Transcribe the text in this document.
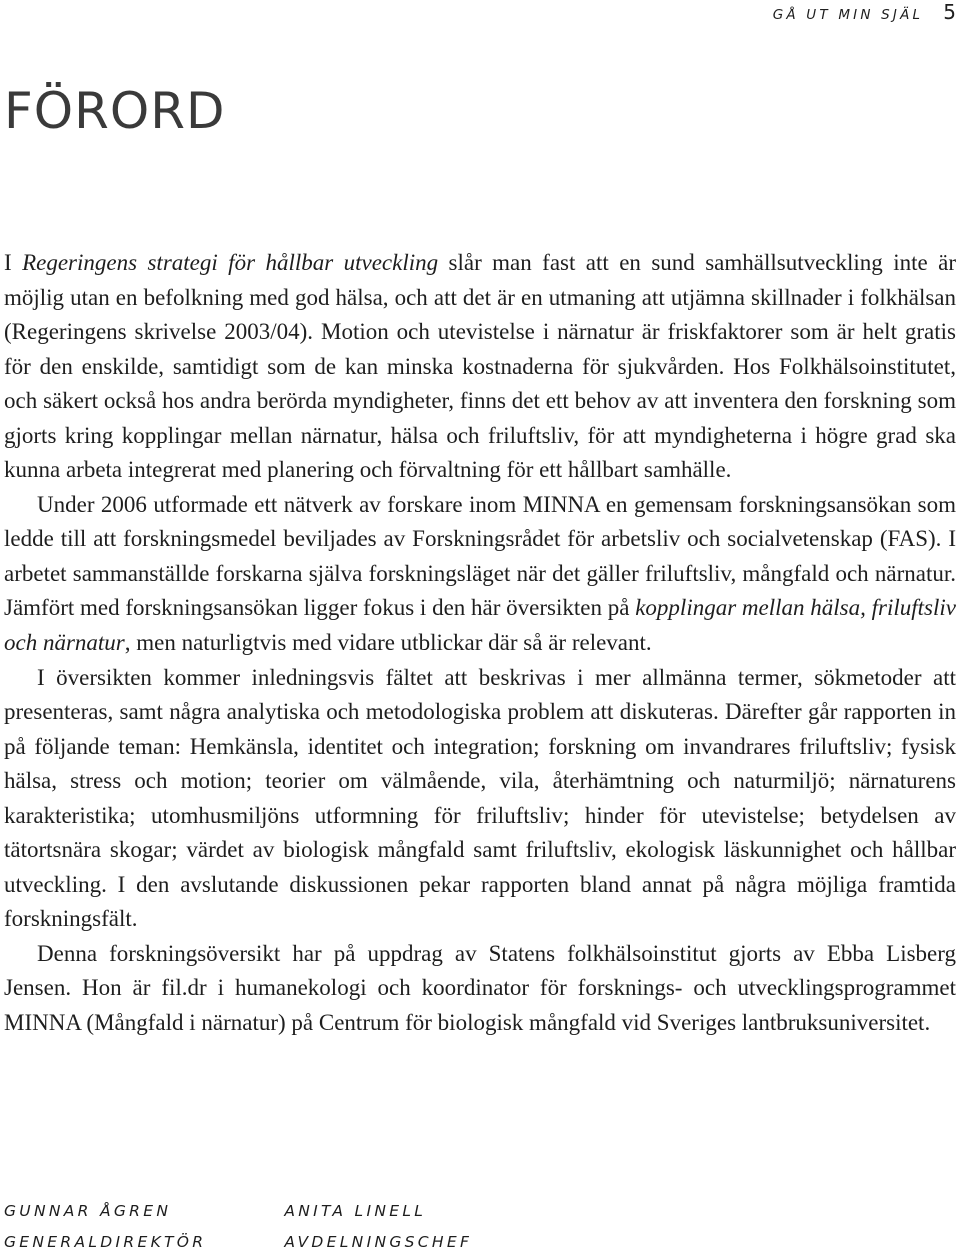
GÅ UT MIN SJÄL 5
FÖRORD

I Regeringens strategi för hållbar utveckling slår man fast att en sund samhällsutveckling inte är möjlig utan en befolkning med god hälsa, och att det är en utmaning att utjämna skillnader i folkhälsan (Regeringens skrivelse 2003/04). Motion och utevistelse i närnatur är friskfaktorer som är helt gratis för den enskilde, samtidigt som de kan minska kostnaderna för sjukvården. Hos Folkhälsoinstitutet, och säkert också hos andra berörda myndigheter, finns det ett behov av att inventera den forskning som gjorts kring kopplingar mellan närnatur, hälsa och friluftsliv, för att myndigheterna i högre grad ska kunna arbeta integrerat med planering och förvaltning för ett hållbart samhälle.

Under 2006 utformade ett nätverk av forskare inom MINNA en gemensam forskningsansökan som ledde till att forskningsmedel beviljades av Forskningsrådet för arbetsliv och socialvetenskap (FAS). I arbetet sammanställde forskarna själva forskningsläget när det gäller friluftsliv, mångfald och närnatur. Jämfört med forskningsansökan ligger fokus i den här översikten på kopplingar mellan hälsa, friluftsliv och närnatur, men naturligtvis med vidare utblickar där så är relevant.

I översikten kommer inledningsvis fältet att beskrivas i mer allmänna termer, sökmetoder att presenteras, samt några analytiska och metodologiska problem att diskuteras. Därefter går rapporten in på följande teman: Hemkänsla, identitet och integration; forskning om invandrares friluftsliv; fysisk hälsa, stress och motion; teorier om välmående, vila, återhämtning och naturmiljö; närnaturens karakteristika; utomhusmiljöns utformning för friluftsliv; hinder för utevistelse; betydelsen av tätortsnära skogar; värdet av biologisk mångfald samt friluftsliv, ekologisk läskunnighet och hållbar utveckling. I den avslutande diskussionen pekar rapporten bland annat på några möjliga framtida forskningsfält.

Denna forskningsöversikt har på uppdrag av Statens folkhälsoinstitut gjorts av Ebba Lisberg Jensen. Hon är fil.dr i humanekologi och koordinator för forsknings- och utvecklingsprogrammet MINNA (Mångfald i närnatur) på Centrum för biologisk mångfald vid Sveriges lantbruksuniversitet.

GUNNAR ÅGREN
GENERALDIREKTÖR
ANITA LINELL
AVDELNINGSCHEF
